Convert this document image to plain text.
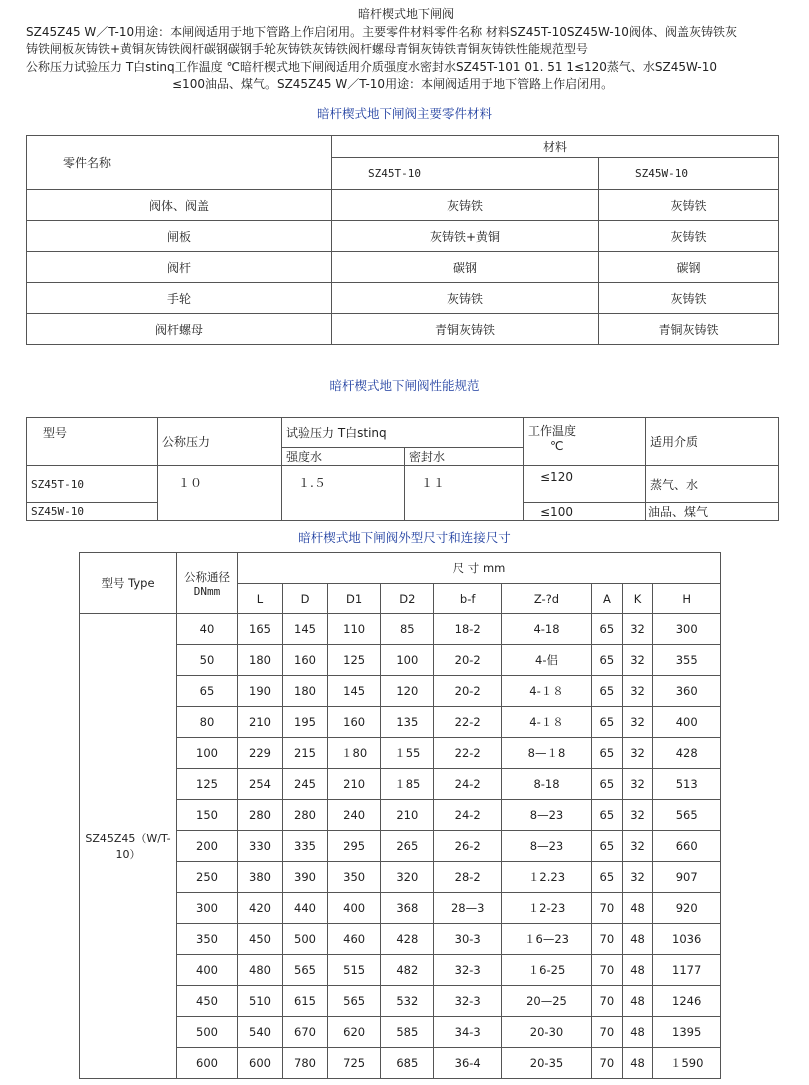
暗杆楔式地下闸阀

SZ45Z45 W／T-10用途：本闸阀适用于地下管路上作启闭用。主要零件材料零件名称 材料SZ45T-10SZ45W-10阀体、阀盖灰铸铁灰

铸铁闸板灰铸铁+黄铜灰铸铁阀杆碳钢碳钢手轮灰铸铁灰铸铁阀杆螺母青铜灰铸铁青铜灰铸铁性能规范型号

公称压力试验压力 T白stinq工作温度 ℃暗杆楔式地下闸阀适用介质强度水密封水SZ45T-101 01. 51 1≤120蒸气、水SZ45W-10

≤100油品、煤气。SZ45Z45 W／T-10用途：本闸阀适用于地下管路上作启闭用。

暗杆楔式地下闸阀主要零件材料
零件名称	材料	
	SZ45T-10	SZ45W-10
阀体、阀盖	灰铸铁	灰铸铁
闸板	灰铸铁+黄铜	灰铸铁
阀杆	碳钢	碳钢
手轮	灰铸铁	灰铸铁
阀杆螺母	青铜灰铸铁	青铜灰铸铁
暗杆楔式地下闸阀性能规范
型号	公称压力	试验压力 T白stinq		工作温度
℃	适用介质
		强度水	密封水		
SZ45T-10	１０	１.５	１１	≤120	蒸气、水
SZ45W-10				≤100	油品、煤气
暗杆楔式地下闸阀外型尺寸和连接尺寸
型号 Type	公称通径
DNmm	尺 寸 mm								
		L	D	D1	D2	b-f	Z-?d	A	K	H

SZ45Z45（W/T-
10）	40	165	145	110	85	18-2	4-18	65	32	300
	50	180	160	125	100	20-2	4-侣	65	32	355
	65	190	180	145	120	20-2	4-１８	65	32	360
	80	210	195	160	135	22-2	4-１８	65	32	400
	100	229	215	１80	１55	22-2	8—１8	65	32	428
	125	254	245	210	１85	24-2	8-18	65	32	513
	150	280	280	240	210	24-2	8—23	65	32	565
	200	330	335	295	265	26-2	8—23	65	32	660
	250	380	390	350	320	28-2	１2.23	65	32	907
	300	420	440	400	368	28—3	１2-23	70	48	920
	350	450	500	460	428	30-3	１6—23	70	48	1036
	400	480	565	515	482	32-3	１6-25	70	48	1177
	450	510	615	565	532	32-3	20—25	70	48	1246
	500	540	670	620	585	34-3	20-30	70	48	1395
	600	600	780	725	685	36-4	20-35	70	48	１590
